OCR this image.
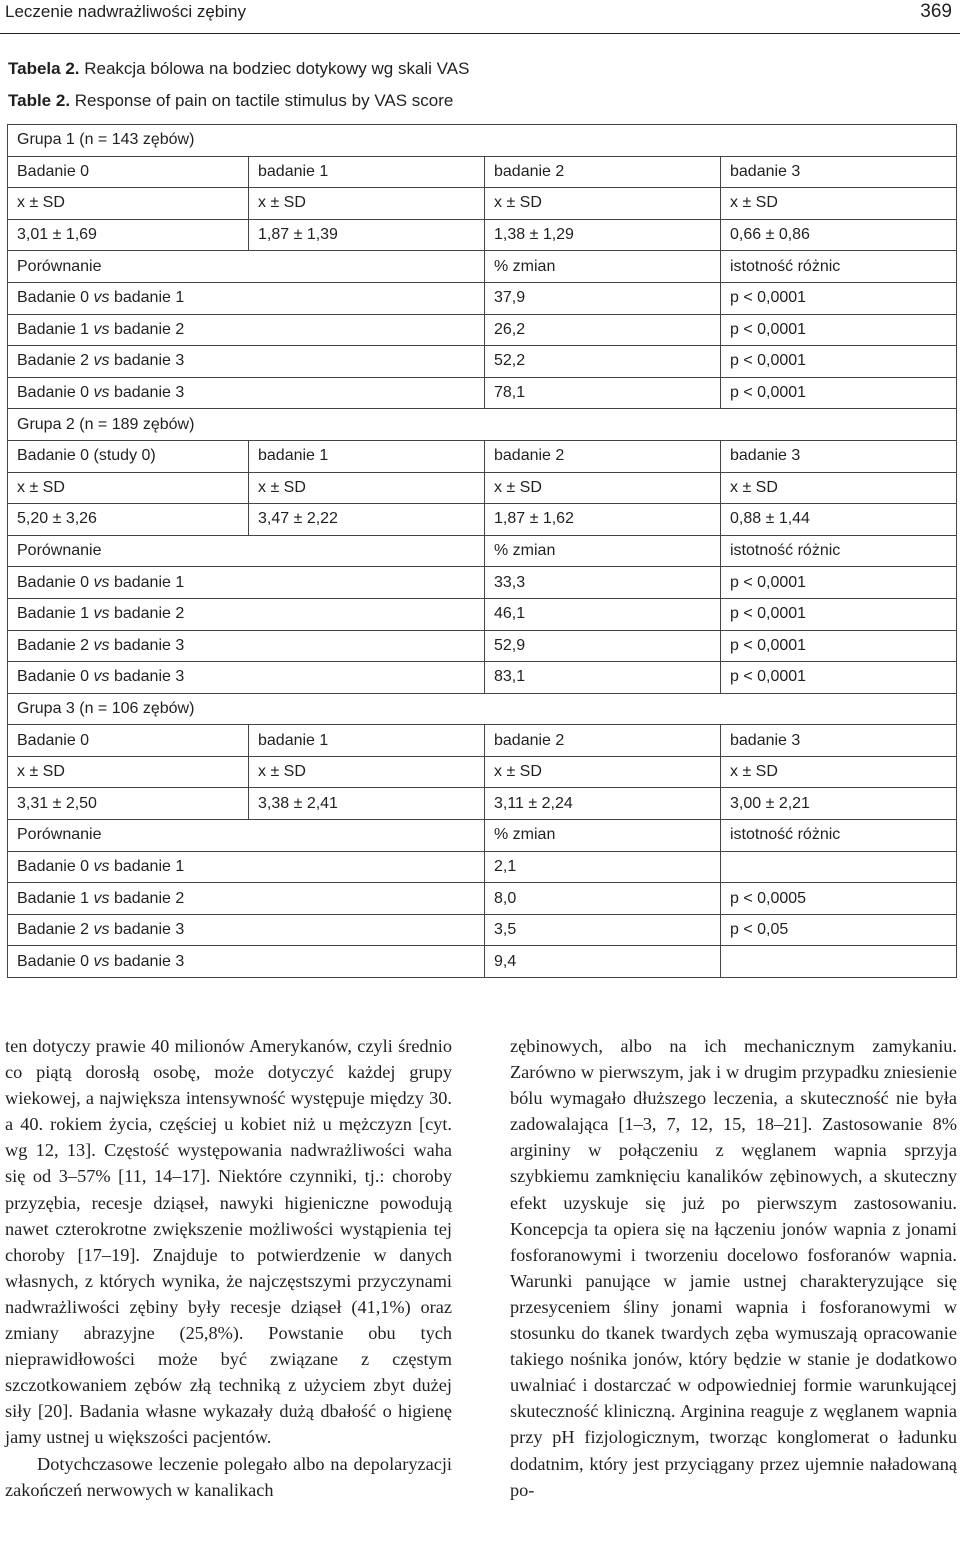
Leczenie nadwrażliwości zębiny	369
Tabela 2. Reakcja bólowa na bodziec dotykowy wg skali VAS
Table 2. Response of pain on tactile stimulus by VAS score
Grupa 1 (n = 143 zębów)			
Badanie 0	badanie 1	badanie 2	badanie 3
x ± SD	x ± SD	x ± SD	x ± SD
3,01 ± 1,69	1,87 ± 1,39	1,38 ± 1,29	0,66 ± 0,86
Porównanie		% zmian	istotność różnic
Badanie 0 vs badanie 1		37,9	p < 0,0001
Badanie 1 vs badanie 2		26,2	p < 0,0001
Badanie 2 vs badanie 3		52,2	p < 0,0001
Badanie 0 vs badanie 3		78,1	p < 0,0001
Grupa 2 (n = 189 zębów)			
Badanie 0 (study 0)	badanie 1	badanie 2	badanie 3
x ± SD	x ± SD	x ± SD	x ± SD
5,20 ± 3,26	3,47 ± 2,22	1,87 ± 1,62	0,88 ± 1,44
Porównanie		% zmian	istotność różnic
Badanie 0 vs badanie 1		33,3	p < 0,0001
Badanie 1 vs badanie 2		46,1	p < 0,0001
Badanie 2 vs badanie 3		52,9	p < 0,0001
Badanie 0 vs badanie 3		83,1	p < 0,0001
Grupa 3 (n = 106 zębów)			
Badanie 0	badanie 1	badanie 2	badanie 3
x ± SD	x ± SD	x ± SD	x ± SD
3,31 ± 2,50	3,38 ± 2,41	3,11 ± 2,24	3,00 ± 2,21
Porównanie		% zmian	istotność różnic
Badanie 0 vs badanie 1		2,1	
Badanie 1 vs badanie 2		8,0	p < 0,0005
Badanie 2 vs badanie 3		3,5	p < 0,05
Badanie 0 vs badanie 3		9,4	

ten dotyczy prawie 40 milionów Amerykanów, czyli średnio co piątą dorosłą osobę, może dotyczyć każdej grupy wiekowej, a największa intensywność występuje między 30. a 40. rokiem życia, częściej u kobiet niż u mężczyzn [cyt. wg 12, 13]. Częstość występowania nadwrażliwości waha się od 3–57% [11, 14–17]. Niektóre czynniki, tj.: choroby przyzębia, recesje dziąseł, nawyki higieniczne powodują nawet czterokrotne zwiększenie możliwości wystąpienia tej choroby [17–19]. Znajduje to potwierdzenie w danych własnych, z których wynika, że najczęstszymi przyczynami nadwrażliwości zębiny były recesje dziąseł (41,1%) oraz zmiany abrazyjne (25,8%). Powstanie obu tych nieprawidłowości może być związane z częstym szczotkowaniem zębów złą techniką z użyciem zbyt dużej siły [20]. Badania własne wykazały dużą dbałość o higienę jamy ustnej u większości pacjentów.

Dotychczasowe leczenie polegało albo na depolaryzacji zakończeń nerwowych w kanalikach

zębinowych, albo na ich mechanicznym zamykaniu. Zarówno w pierwszym, jak i w drugim przypadku zniesienie bólu wymagało dłuższego leczenia, a skuteczność nie była zadowalająca [1–3, 7, 12, 15, 18–21]. Zastosowanie 8% argininy w połączeniu z węglanem wapnia sprzyja szybkiemu zamknięciu kanalików zębinowych, a skuteczny efekt uzyskuje się już po pierwszym zastosowaniu. Koncepcja ta opiera się na łączeniu jonów wapnia z jonami fosforanowymi i tworzeniu docelowo fosforanów wapnia. Warunki panujące w jamie ustnej charakteryzujące się przesyceniem śliny jonami wapnia i fosforanowymi w stosunku do tkanek twardych zęba wymuszają opracowanie takiego nośnika jonów, który będzie w stanie je dodatkowo uwalniać i dostarczać w odpowiedniej formie warunkującej skuteczność kliniczną. Arginina reaguje z węglanem wapnia przy pH fizjologicznym, tworząc konglomerat o ładunku dodatnim, który jest przyciągany przez ujemnie naładowaną po-
